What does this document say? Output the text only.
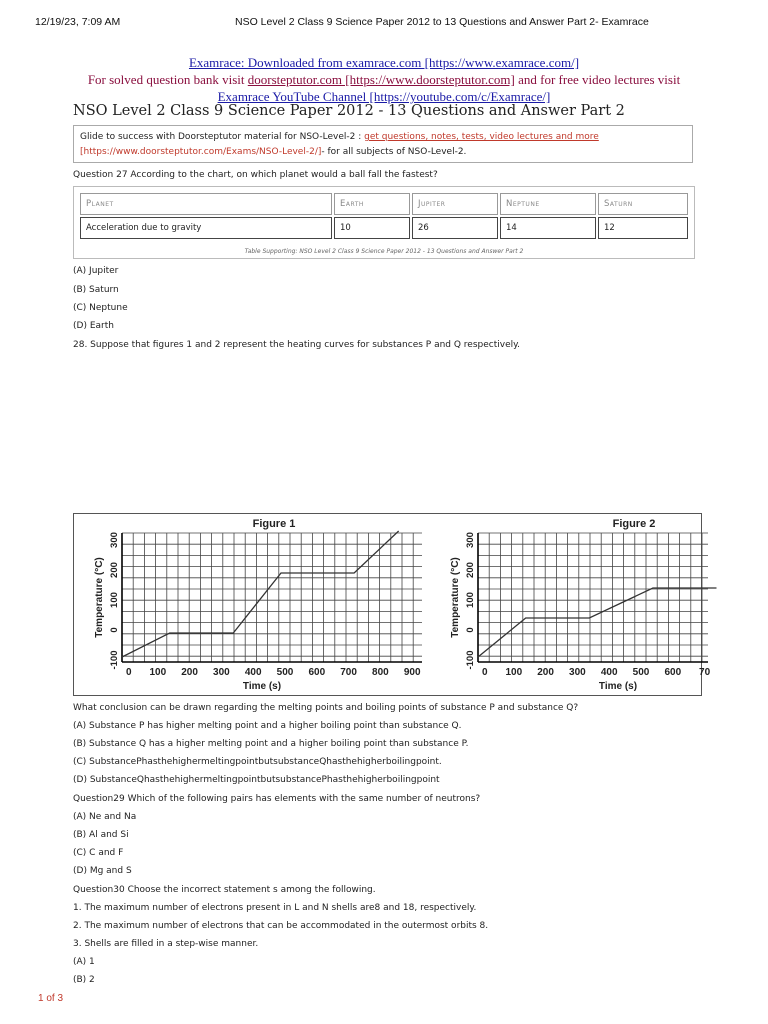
12/19/23, 7:09 AM	NSO Level 2 Class 9 Science Paper 2012 to 13 Questions and Answer Part 2- Examrace
Examrace: Downloaded from examrace.com [https://www.examrace.com/]
For solved question bank visit doorsteptutor.com [https://www.doorsteptutor.com] and for free video lectures visit
Examrace YouTube Channel [https://youtube.com/c/Examrace/]
NSO Level 2 Class 9 Science Paper 2012 - 13 Questions and Answer Part 2
Glide to success with Doorsteptutor material for NSO-Level-2 : get questions, notes, tests, video lectures and more
[https://www.doorsteptutor.com/Exams/NSO-Level-2/]- for all subjects of NSO-Level-2.
Question 27 According to the chart, on which planet would a ball fall the fastest?
Planet	Earth	Jupiter	Neptune	Saturn
Acceleration due to gravity	10	26	14	12
Table Supporting: NSO Level 2 Class 9 Science Paper 2012 - 13 Questions and Answer Part 2
(A) Jupiter
(B) Saturn
(C) Neptune
(D) Earth
28. Suppose that figures 1 and 2 represent the heating curves for substances P and Q respectively.
Figure 1
0 100 200 300 400 500 600 700 800 900
-100
0
100
200
300
Time (s)
Temperature (°C)
Figure 2
0 100 200 300 400 500 600 70
-100
0
100
200
300
Time (s)
Temperature (°C)
What conclusion can be drawn regarding the melting points and boiling points of substance P and substance Q?
(A) Substance P has higher melting point and a higher boiling point than substance Q.
(B) Substance Q has a higher melting point and a higher boiling point than substance P.
(C) SubstancePhasthehighermeltingpointbutsubstanceQhasthehigherboilingpoint.
(D) SubstanceQhasthehighermeltingpointbutsubstancePhasthehigherboilingpoint
Question29 Which of the following pairs has elements with the same number of neutrons?
(A) Ne and Na
(B) Al and Si
(C) C and F
(D) Mg and S
Question30 Choose the incorrect statement s among the following.
1. The maximum number of electrons present in L and N shells are8 and 18, respectively.
2. The maximum number of electrons that can be accommodated in the outermost orbits 8.
3. Shells are filled in a step-wise manner.
(A) 1
(B) 2
1 of 3
